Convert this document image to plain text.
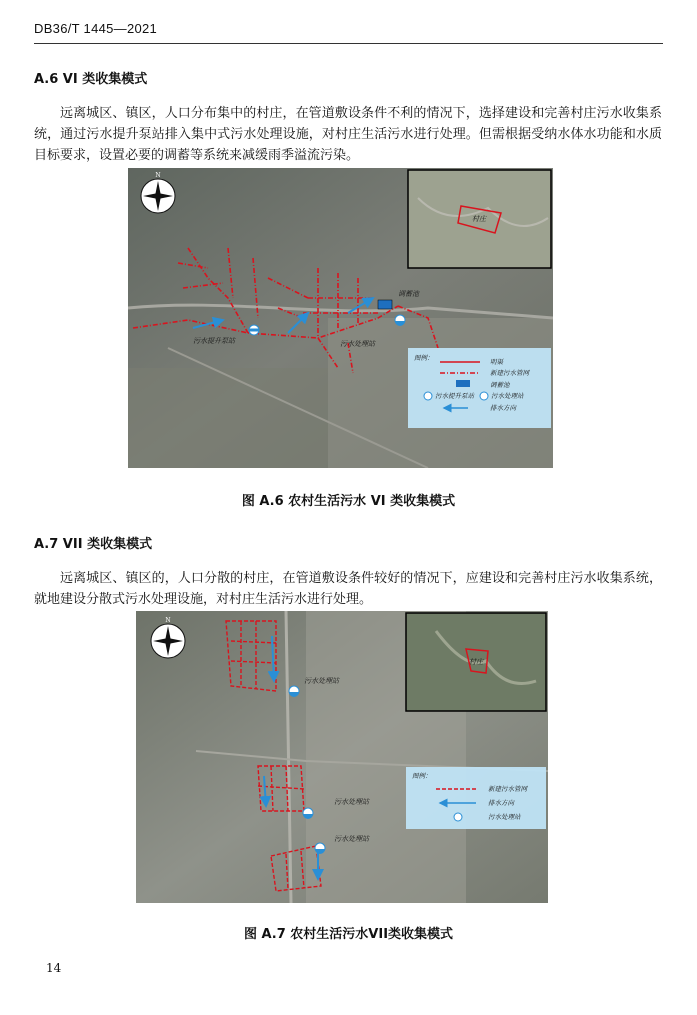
DB36/T 1445—2021
A.6 VI 类收集模式
远离城区、镇区，人口分布集中的村庄，在管道敷设条件不利的情况下，选择建设和完善村庄污水收集系统，通过污水提升泵站排入集中式污水处理设施，对村庄生活污水进行处理。但需根据受纳水体水功能和水质目标要求，设置必要的调蓄等系统来减缓雨季溢流污染。
调蓄池
污水提升泵站	污水处理站
N
村庄
图例：	明渠
新建污水管网
调蓄池
污水提升泵站	污水处理站
排水方向
图 A.6 农村生活污水 VI 类收集模式
A.7 VII 类收集模式
远离城区、镇区的，人口分散的村庄，在管道敷设条件较好的情况下，应建设和完善村庄污水收集系统，就地建设分散式污水处理设施，对村庄生活污水进行处理。
污水处理站
污水处理站
污水处理站
N
村庄
图例：
新建污水管网
排水方向
污水处理站
图 A.7 农村生活污水VII类收集模式
14
